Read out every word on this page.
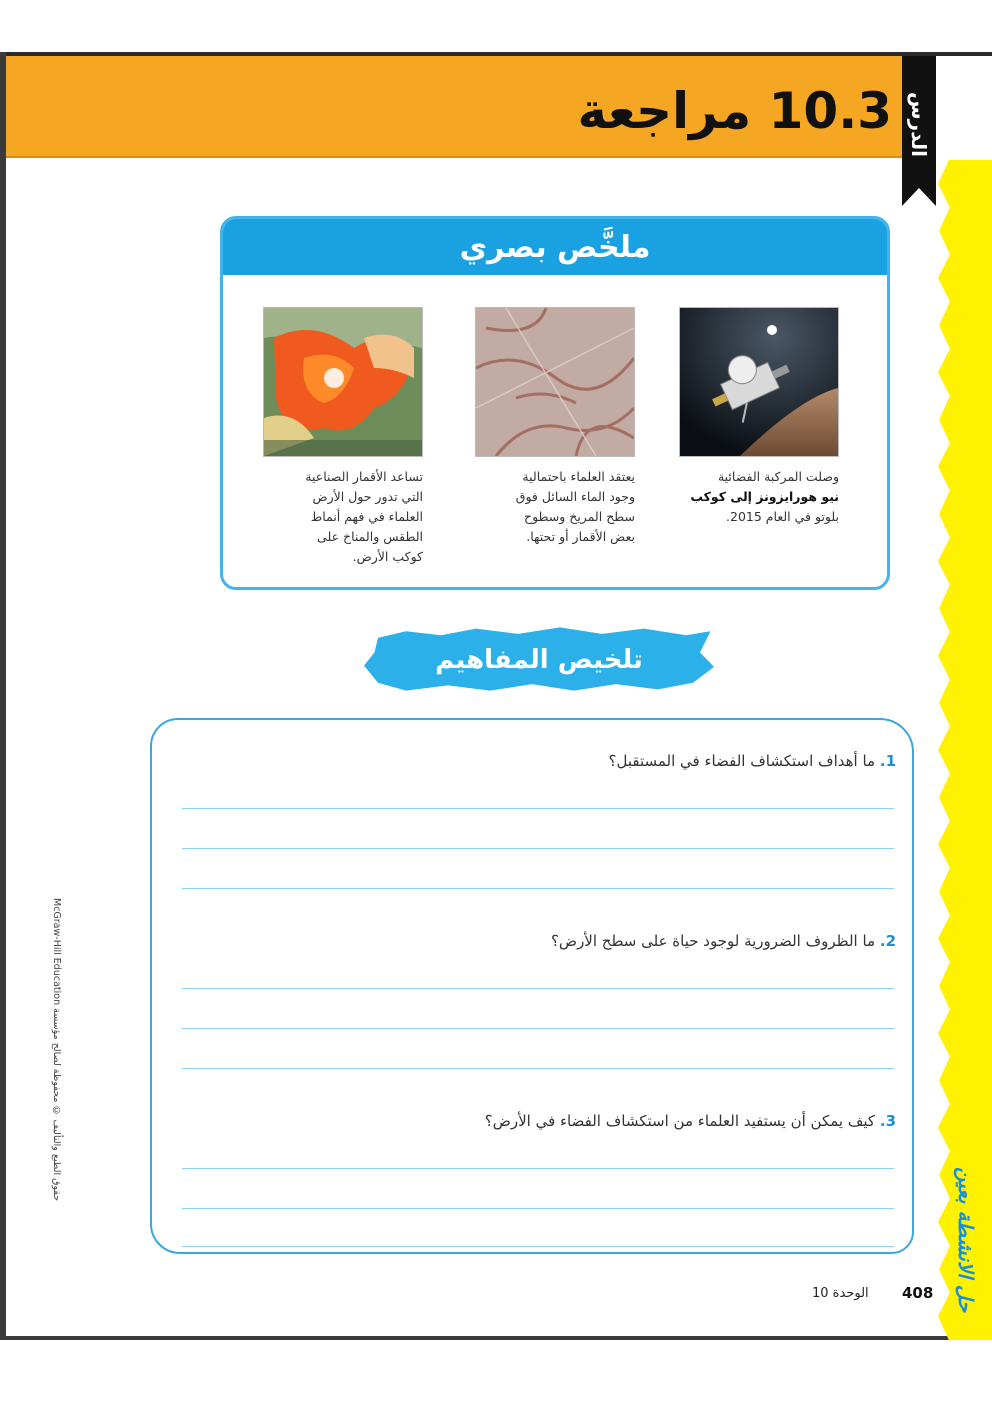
10.3 مراجعة الدرس
حل الانشطة بعين
ملخَّص بصري
وصلت المركبة الفضائية
نيو هورايزونز إلى كوكب
بلوتو في العام 2015.
يعتقد العلماء باحتمالية
وجود الماء السائل فوق
سطح المريخ وسطوح
بعض الأقمار أو تحتها.
تساعد الأقمار الصناعية
التي تدور حول الأرض
العلماء في فهم أنماط
الطقس والمناخ على
كوكب الأرض.
تلخيص المفاهيم
1. ما أهداف استكشاف الفضاء في المستقبل؟
2. ما الظروف الضرورية لوجود حياة على سطح الأرض؟
3. كيف يمكن أن يستفيد العلماء من استكشاف الفضاء في الأرض؟
408
الوحدة 10
حقوق الطبع والتأليف © محفوظة لصالح مؤسسة McGraw-Hill Education
